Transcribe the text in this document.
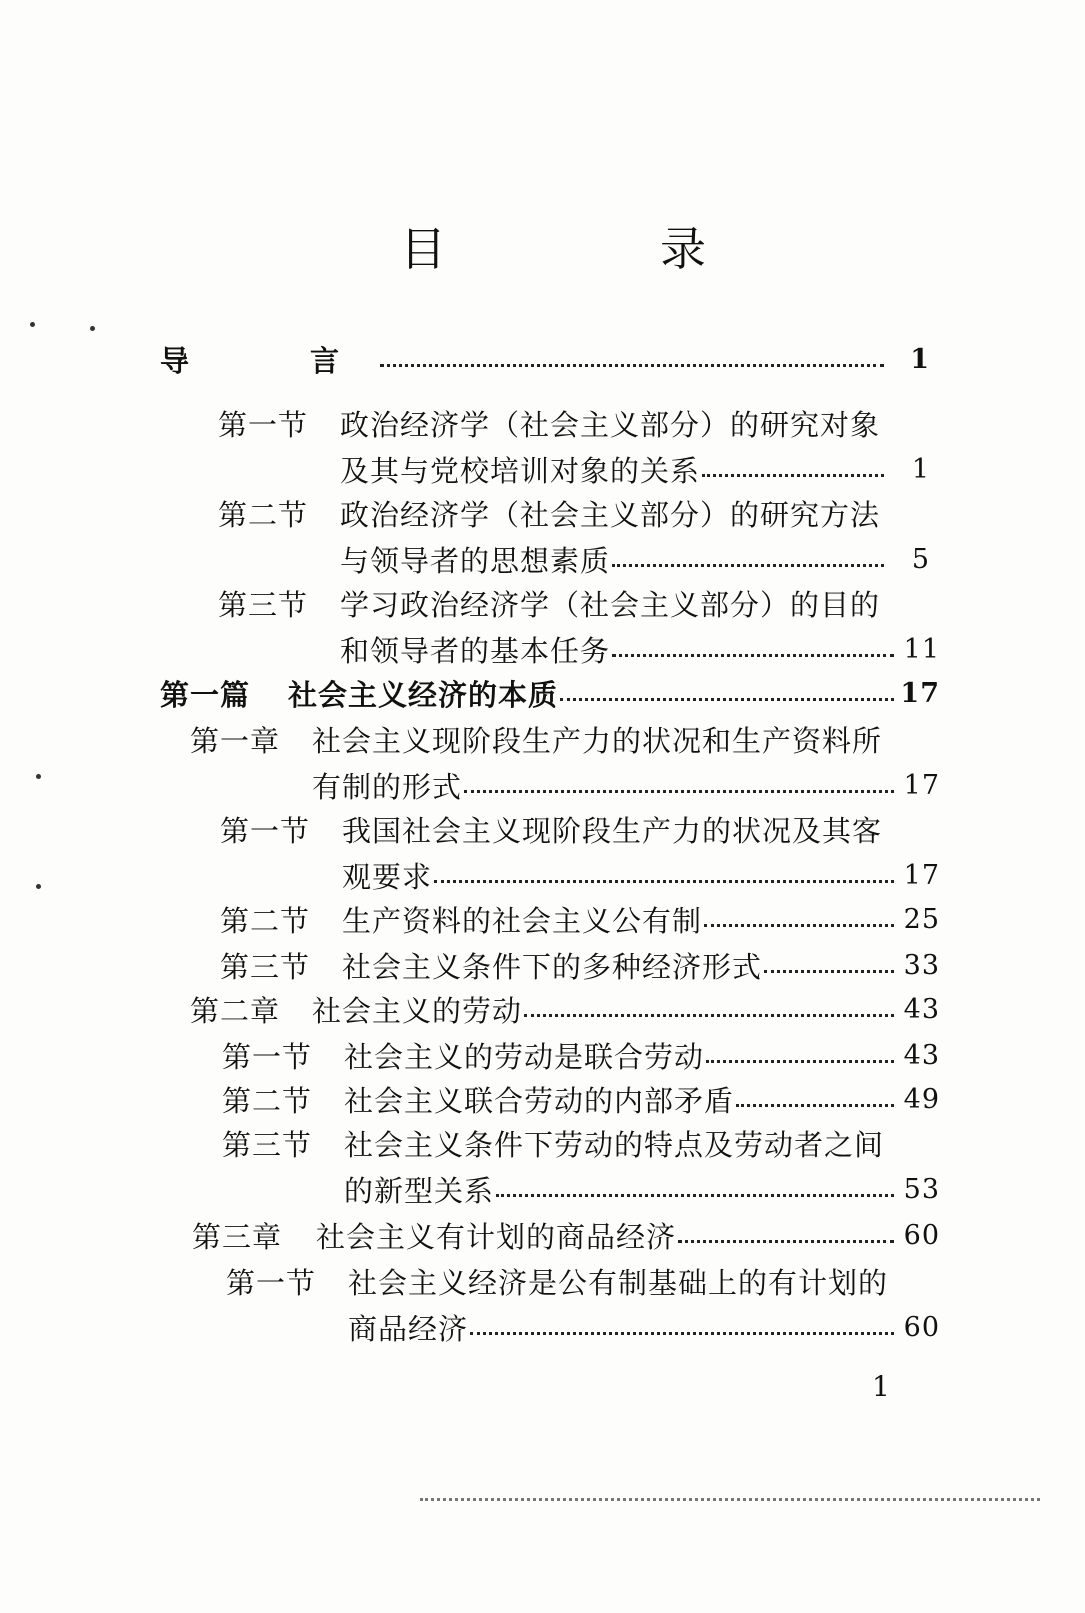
目	录
导	言	1
第一节	政治经济学（社会主义部分）的研究对象
及其与党校培训对象的关系	1
第二节	政治经济学（社会主义部分）的研究方法
与领导者的思想素质	5
第三节	学习政治经济学（社会主义部分）的目的
和领导者的基本任务	11
第一篇	社会主义经济的本质	17
第一章	社会主义现阶段生产力的状况和生产资料所
有制的形式	17
第一节	我国社会主义现阶段生产力的状况及其客
观要求	17
第二节	生产资料的社会主义公有制	25
第三节	社会主义条件下的多种经济形式	33
第二章	社会主义的劳动	43
第一节	社会主义的劳动是联合劳动	43
第二节	社会主义联合劳动的内部矛盾	49
第三节	社会主义条件下劳动的特点及劳动者之间
的新型关系	53
第三章	社会主义有计划的商品经济	60
第一节	社会主义经济是公有制基础上的有计划的
商品经济	60
1
